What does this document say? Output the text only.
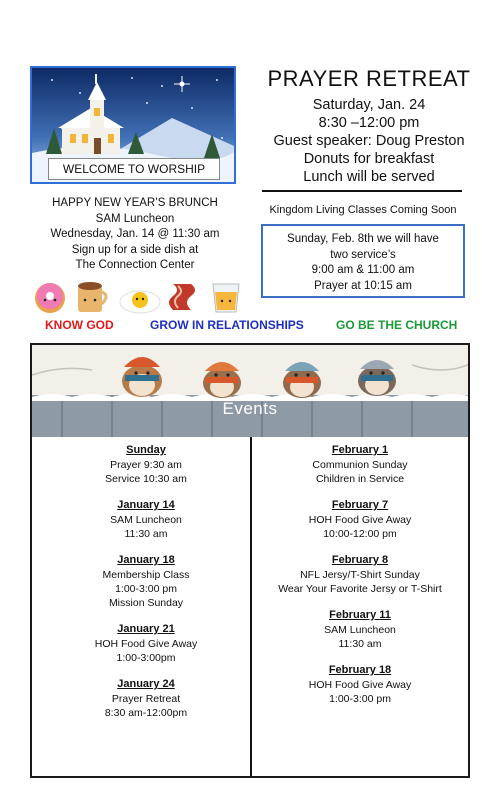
WELCOME TO WORSHIP
PRAYER RETREAT
Saturday, Jan. 24
8:30 –12:00 pm
Guest speaker: Doug Preston
Donuts for breakfast
Lunch will be served
Kingdom Living Classes Coming Soon
Sunday, Feb. 8th we will have
two service’s
9:00 am & 11:00 am
Prayer at 10:15 am
HAPPY NEW YEAR’S BRUNCH
SAM Luncheon
Wednesday, Jan. 14 @ 11:30 am
Sign up for a side dish at
The Connection Center
KNOW GOD	GROW IN RELATIONSHIPS	GO BE THE CHURCH
Events
Sunday
Prayer 9:30 am
Service 10:30 am
January 14
SAM Luncheon
11:30 am
January 18
Membership Class
1:00-3:00 pm
Mission Sunday
January 21
HOH Food Give Away
1:00-3:00pm
January 24
Prayer Retreat
8:30 am-12:00pm
February 1
Communion Sunday
Children in Service
February 7
HOH Food Give Away
10:00-12:00 pm
February 8
NFL Jersy/T-Shirt Sunday
Wear Your Favorite Jersy or T-Shirt
February 11
SAM Luncheon
11:30 am
February 18
HOH Food Give Away
1:00-3:00 pm
